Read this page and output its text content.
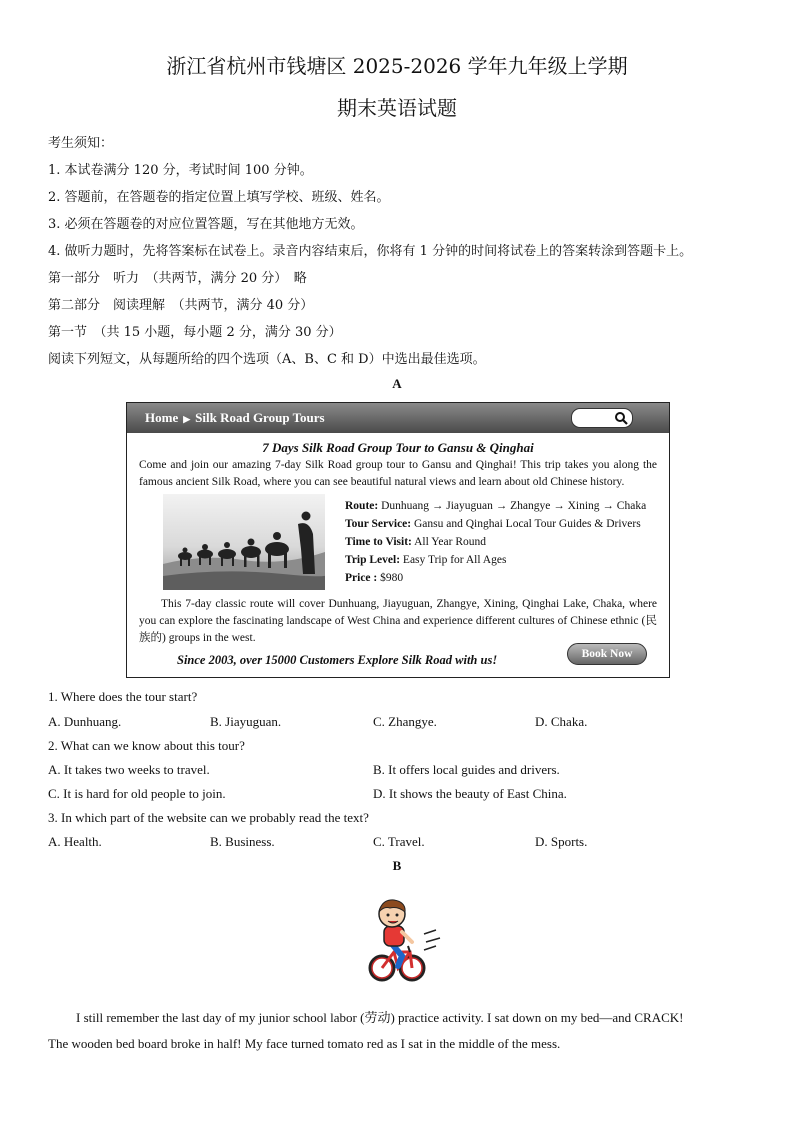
浙江省杭州市钱塘区 2025-2026 学年九年级上学期
期末英语试题
考生须知：
1. 本试卷满分 120 分，考试时间 100 分钟。
2. 答题前，在答题卷的指定位置上填写学校、班级、姓名。
3. 必须在答题卷的对应位置答题，写在其他地方无效。
4. 做听力题时，先将答案标在试卷上。录音内容结束后，你将有 1 分钟的时间将试卷上的答案转涂到答题卡上。
第一部分　听力　（共两节，满分 20 分）　略
第二部分　阅读理解　（共两节，满分 40 分）
第一节　（共 15 小题，每小题 2 分，满分 30 分）
阅读下列短文，从每题所给的四个选项（A、B、C 和 D）中选出最佳选项。
A
Home ▶ Silk Road Group Tours
7 Days Silk Road Group Tour to Gansu & Qinghai
Come and join our amazing 7-day Silk Road group tour to Gansu and Qinghai! This trip takes you along the famous ancient Silk Road, where you can see beautiful natural views and learn about old Chinese history.
Route: Dunhuang → Jiayuguan → Zhangye → Xining → Chaka
Tour Service: Gansu and Qinghai Local Tour Guides & Drivers
Time to Visit: All Year Round
Trip Level: Easy Trip for All Ages
Price : $980
This 7-day classic route will cover Dunhuang, Jiayuguan, Zhangye, Xining, Qinghai Lake, Chaka, where you can explore the fascinating landscape of West China and experience different cultures of Chinese ethnic (民族的) groups in the west.
Since 2003, over 15000 Customers Explore Silk Road with us!	Book Now
1. Where does the tour start?
A. Dunhuang.	B. Jiayuguan.	C. Zhangye.	D. Chaka.
2. What can we know about this tour?
A. It takes two weeks to travel.	B. It offers local guides and drivers.
C. It is hard for old people to join.	D. It shows the beauty of East China.
3. In which part of the website can we probably read the text?
A. Health.	B. Business.	C. Travel.	D. Sports.
B
I still remember the last day of my junior school labor (劳动) practice activity. I sat down on my bed—and CRACK!
The wooden bed board broke in half! My face turned tomato red as I sat in the middle of the mess.
